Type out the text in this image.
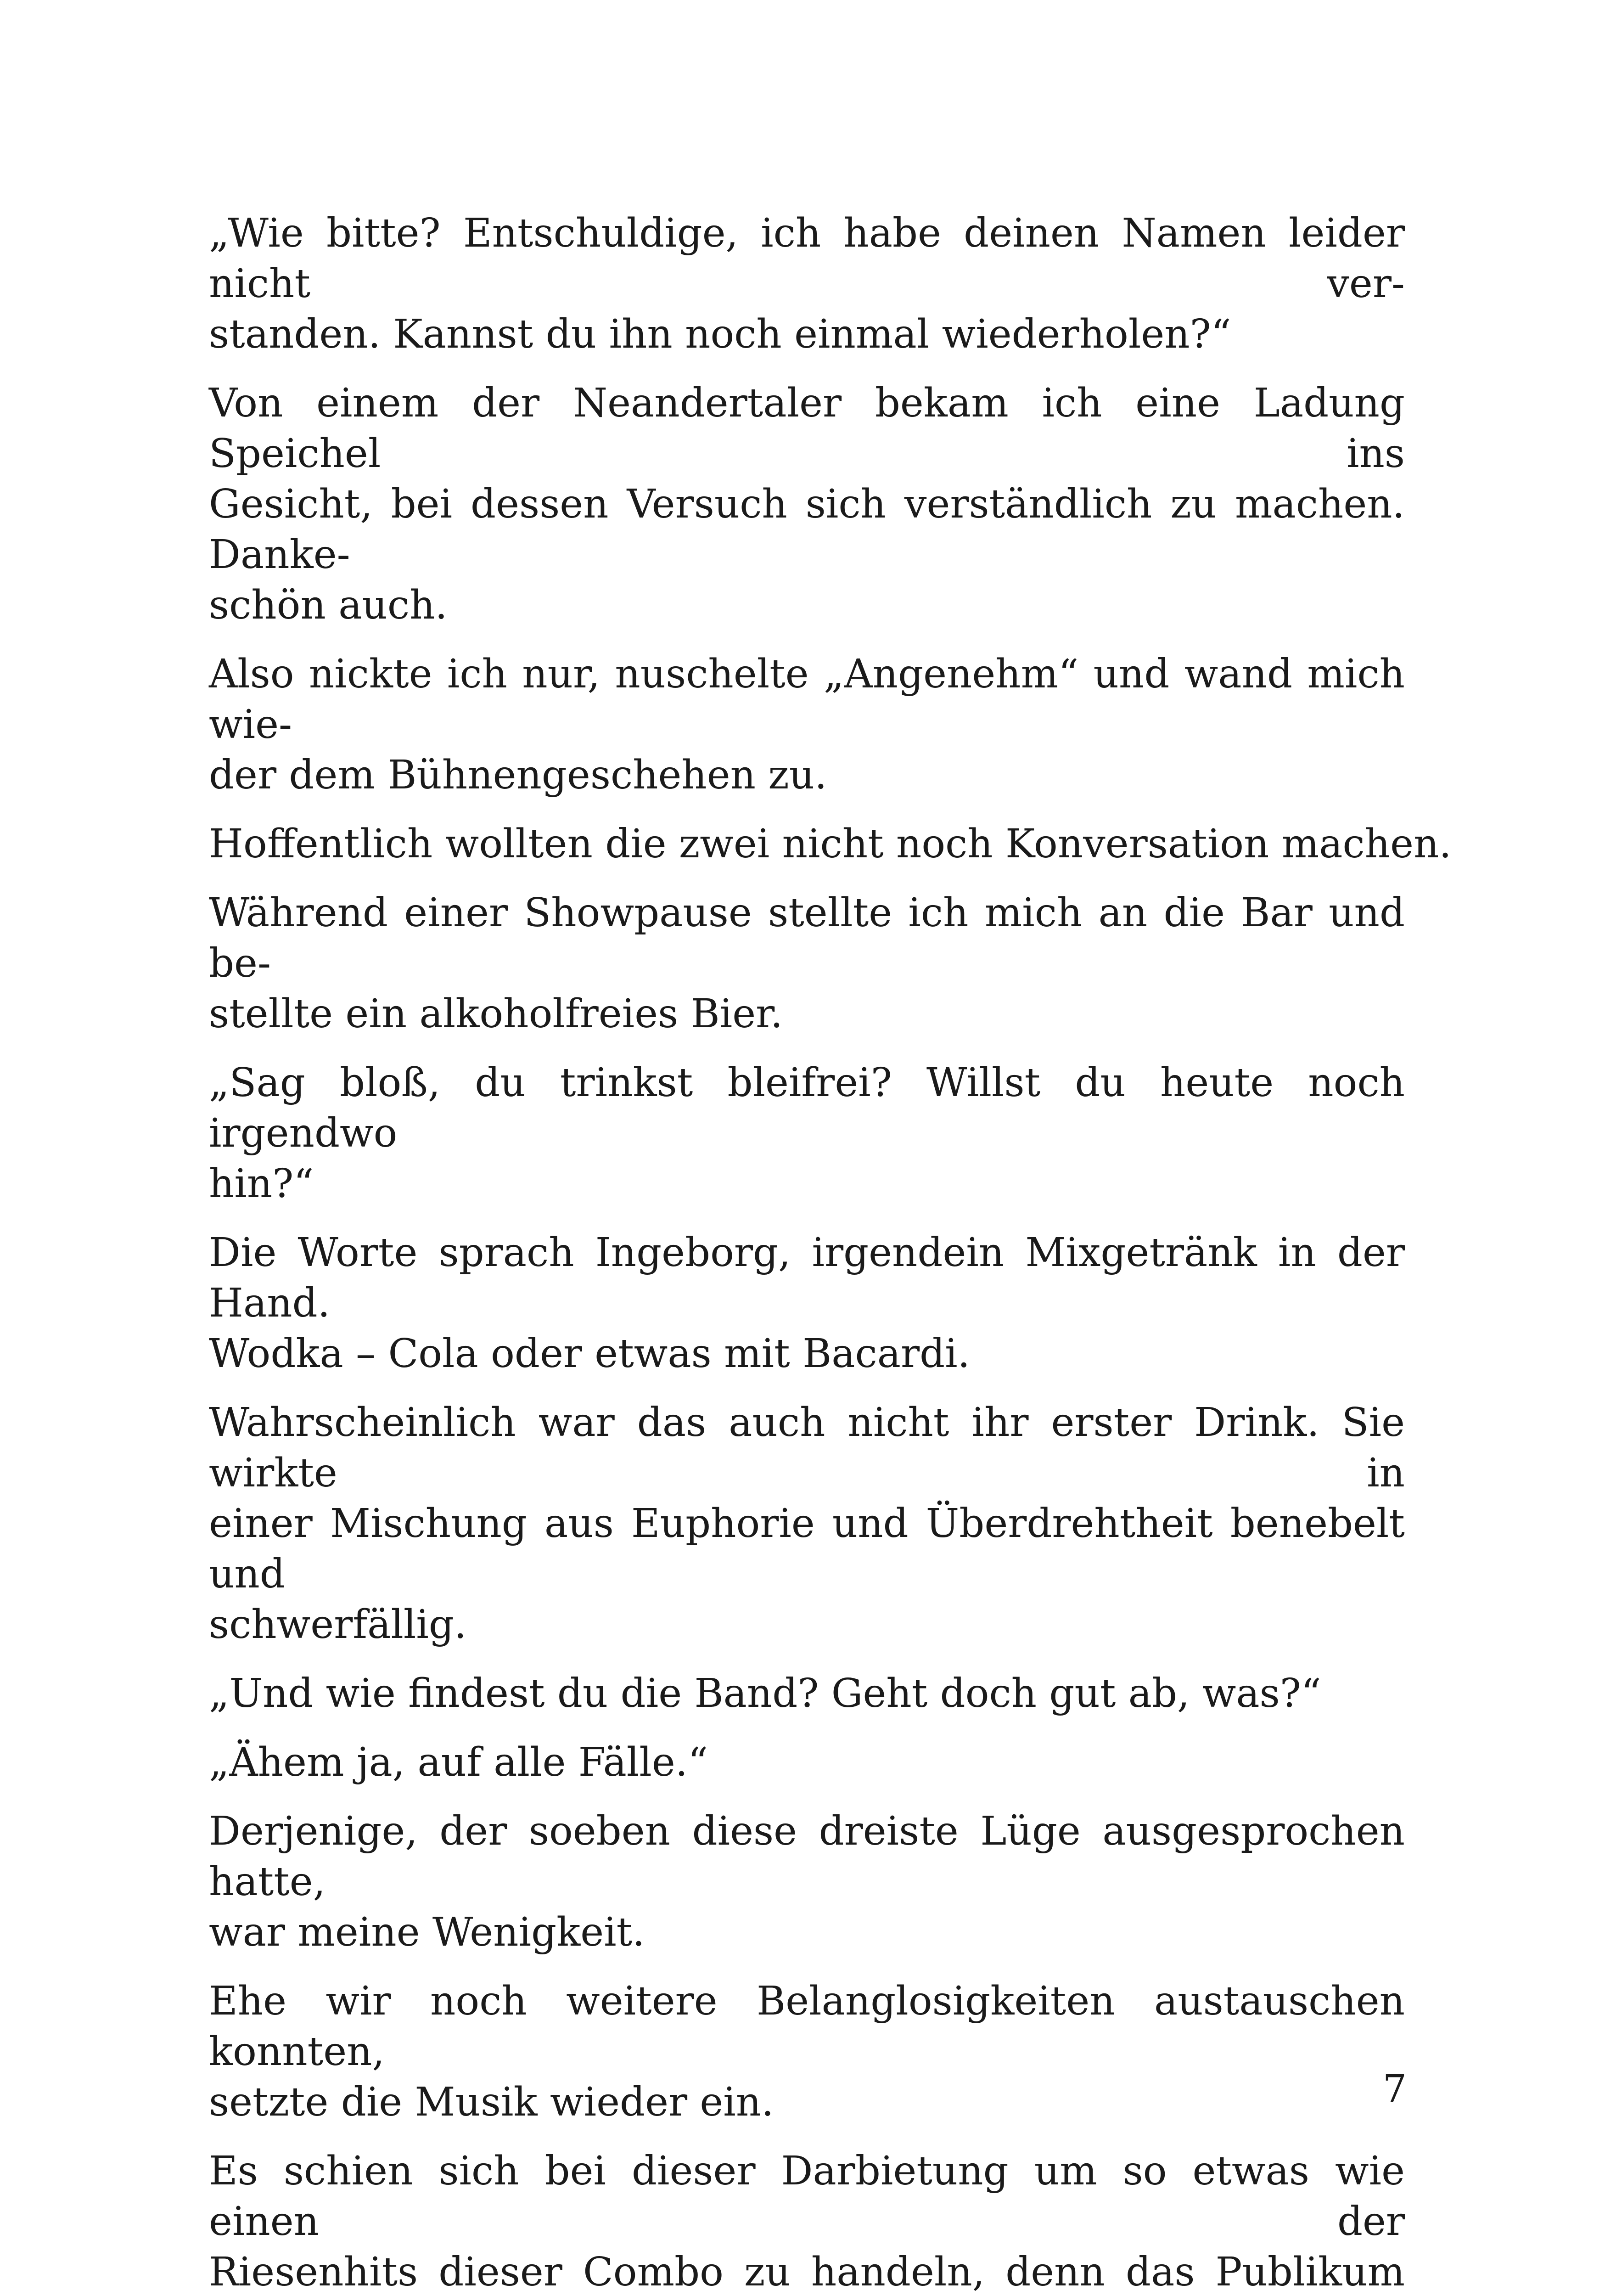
„Wie bitte? Entschuldige, ich habe deinen Namen leider nicht ver-
standen. Kannst du ihn noch einmal wiederholen?“

Von einem der Neandertaler bekam ich eine Ladung Speichel ins
Gesicht, bei dessen Versuch sich verständlich zu machen. Danke-
schön auch.

Also nickte ich nur, nuschelte „Angenehm“ und wand mich wie-
der dem Bühnengeschehen zu.

Hoffentlich wollten die zwei nicht noch Konversation machen.

Während einer Showpause stellte ich mich an die Bar und be-
stellte ein alkoholfreies Bier.

„Sag bloß, du trinkst bleifrei? Willst du heute noch irgendwo
hin?“

Die Worte sprach Ingeborg, irgendein Mixgetränk in der Hand.
Wodka – Cola oder etwas mit Bacardi.

Wahrscheinlich war das auch nicht ihr erster Drink. Sie wirkte in
einer Mischung aus Euphorie und Überdrehtheit benebelt und
schwerfällig.

„Und wie findest du die Band? Geht doch gut ab, was?“

„Ähem ja, auf alle Fälle.“

Derjenige, der soeben diese dreiste Lüge ausgesprochen hatte,
war meine Wenigkeit.

Ehe wir noch weitere Belanglosigkeiten austauschen konnten,
setzte die Musik wieder ein.

Es schien sich bei dieser Darbietung um so etwas wie einen der
Riesenhits dieser Combo zu handeln, denn das Publikum

7
